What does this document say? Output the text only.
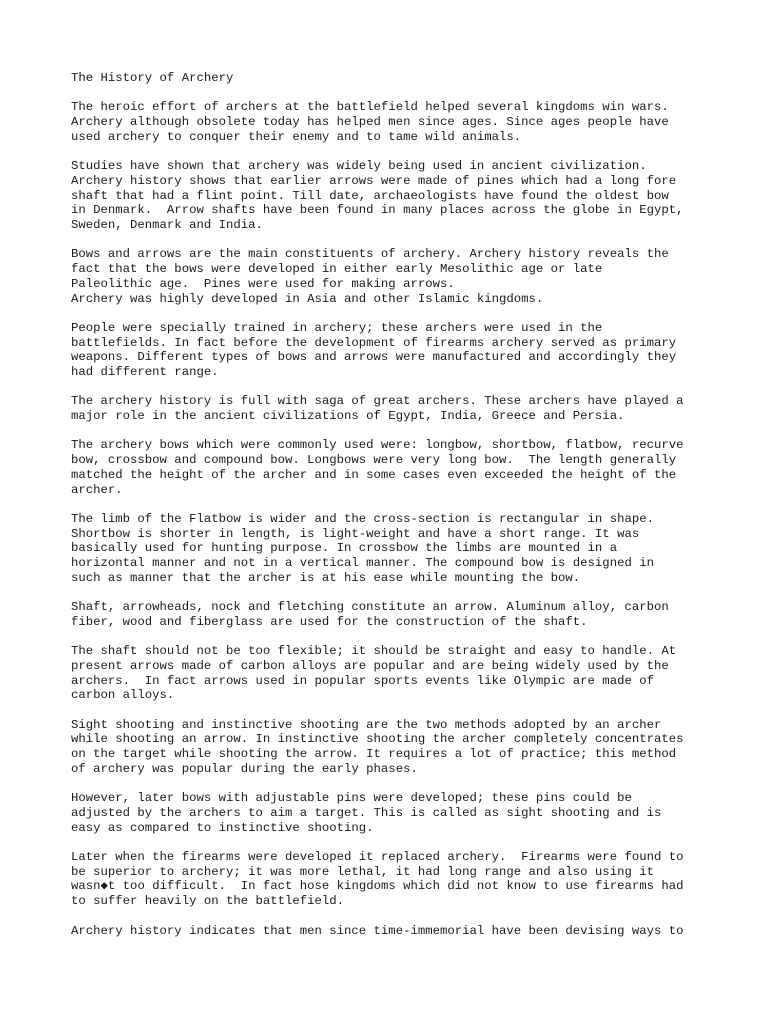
The History of Archery
The heroic effort of archers at the battlefield helped several kingdoms win wars.
Archery although obsolete today has helped men since ages. Since ages people have
used archery to conquer their enemy and to tame wild animals.
Studies have shown that archery was widely being used in ancient civilization.
Archery history shows that earlier arrows were made of pines which had a long fore
shaft that had a flint point. Till date, archaeologists have found the oldest bow
in Denmark.  Arrow shafts have been found in many places across the globe in Egypt,
Sweden, Denmark and India.
Bows and arrows are the main constituents of archery. Archery history reveals the
fact that the bows were developed in either early Mesolithic age or late
Paleolithic age.  Pines were used for making arrows.
Archery was highly developed in Asia and other Islamic kingdoms.
People were specially trained in archery; these archers were used in the
battlefields. In fact before the development of firearms archery served as primary
weapons. Different types of bows and arrows were manufactured and accordingly they
had different range.
The archery history is full with saga of great archers. These archers have played a
major role in the ancient civilizations of Egypt, India, Greece and Persia.
The archery bows which were commonly used were: longbow, shortbow, flatbow, recurve
bow, crossbow and compound bow. Longbows were very long bow.  The length generally
matched the height of the archer and in some cases even exceeded the height of the
archer.
The limb of the Flatbow is wider and the cross-section is rectangular in shape.
Shortbow is shorter in length, is light-weight and have a short range. It was
basically used for hunting purpose. In crossbow the limbs are mounted in a
horizontal manner and not in a vertical manner. The compound bow is designed in
such as manner that the archer is at his ease while mounting the bow.
Shaft, arrowheads, nock and fletching constitute an arrow. Aluminum alloy, carbon
fiber, wood and fiberglass are used for the construction of the shaft.
The shaft should not be too flexible; it should be straight and easy to handle. At
present arrows made of carbon alloys are popular and are being widely used by the
archers.  In fact arrows used in popular sports events like Olympic are made of
carbon alloys.
Sight shooting and instinctive shooting are the two methods adopted by an archer
while shooting an arrow. In instinctive shooting the archer completely concentrates
on the target while shooting the arrow. It requires a lot of practice; this method
of archery was popular during the early phases.
However, later bows with adjustable pins were developed; these pins could be
adjusted by the archers to aim a target. This is called as sight shooting and is
easy as compared to instinctive shooting.
Later when the firearms were developed it replaced archery.  Firearms were found to
be superior to archery; it was more lethal, it had long range and also using it
wasn◆t too difficult.  In fact hose kingdoms which did not know to use firearms had
to suffer heavily on the battlefield.
Archery history indicates that men since time-immemorial have been devising ways to
